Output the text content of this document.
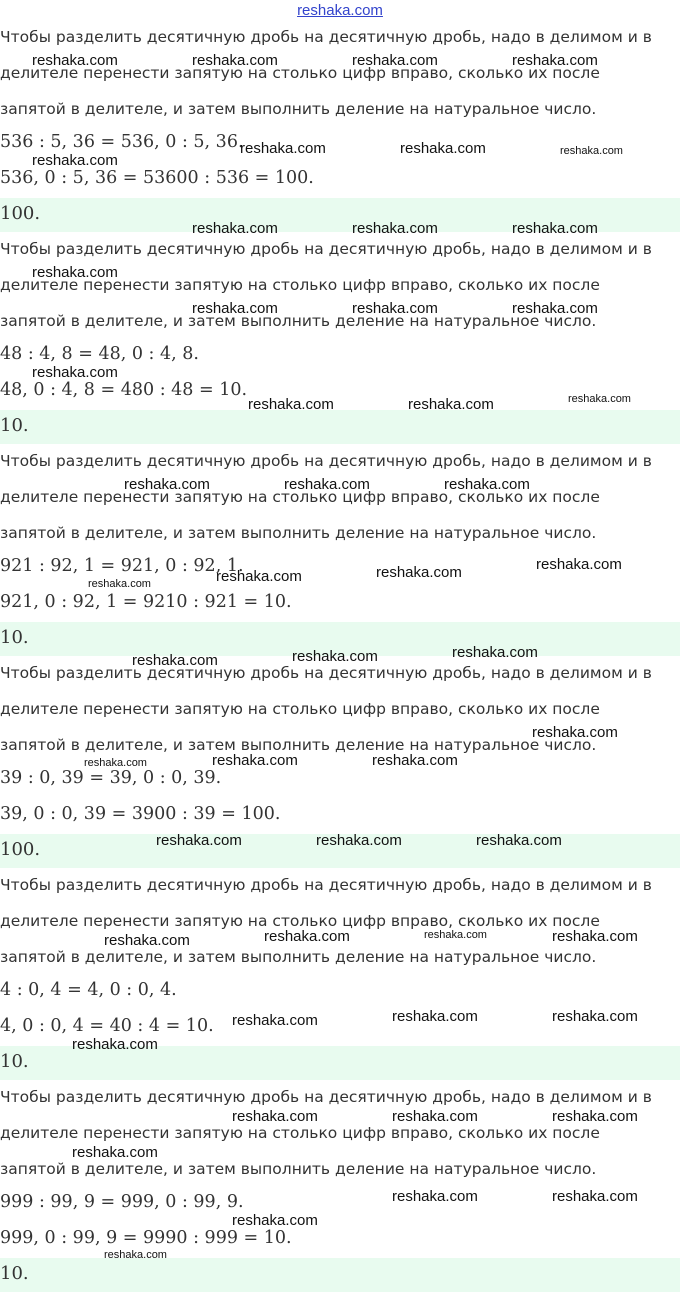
reshaka.com
Чтобы разделить десятичную дробь на десятичную дробь, надо в делимом и в
делителе перенести запятую на столько цифр вправо, сколько их после
запятой в делителе, и затем выполнить деление на натуральное число.
536 : 5, 36 = 536, 0 : 5, 36.
536, 0 : 5, 36 = 53600 : 536 = 100.
100.
Чтобы разделить десятичную дробь на десятичную дробь, надо в делимом и в
делителе перенести запятую на столько цифр вправо, сколько их после
запятой в делителе, и затем выполнить деление на натуральное число.
48 : 4, 8 = 48, 0 : 4, 8.
48, 0 : 4, 8 = 480 : 48 = 10.
10.
Чтобы разделить десятичную дробь на десятичную дробь, надо в делимом и в
делителе перенести запятую на столько цифр вправо, сколько их после
запятой в делителе, и затем выполнить деление на натуральное число.
921 : 92, 1 = 921, 0 : 92, 1.
921, 0 : 92, 1 = 9210 : 921 = 10.
10.
Чтобы разделить десятичную дробь на десятичную дробь, надо в делимом и в
делителе перенести запятую на столько цифр вправо, сколько их после
запятой в делителе, и затем выполнить деление на натуральное число.
39 : 0, 39 = 39, 0 : 0, 39.
39, 0 : 0, 39 = 3900 : 39 = 100.
100.
Чтобы разделить десятичную дробь на десятичную дробь, надо в делимом и в
делителе перенести запятую на столько цифр вправо, сколько их после
запятой в делителе, и затем выполнить деление на натуральное число.
4 : 0, 4 = 4, 0 : 0, 4.
4, 0 : 0, 4 = 40 : 4 = 10.
10.
Чтобы разделить десятичную дробь на десятичную дробь, надо в делимом и в
делителе перенести запятую на столько цифр вправо, сколько их после
запятой в делителе, и затем выполнить деление на натуральное число.
999 : 99, 9 = 999, 0 : 99, 9.
999, 0 : 99, 9 = 9990 : 999 = 10.
10.
reshaka.com	reshaka.com	reshaka.com	reshaka.com
reshaka.com	reshaka.com	reshaka.com
reshaka.com
reshaka.com	reshaka.com	reshaka.com
reshaka.com
reshaka.com	reshaka.com	reshaka.com
reshaka.com
reshaka.com	reshaka.com	reshaka.com
reshaka.com	reshaka.com	reshaka.com
reshaka.com	reshaka.com	reshaka.com	reshaka.com
reshaka.com	reshaka.com	reshaka.com
reshaka.com
reshaka.com	reshaka.com	reshaka.com
reshaka.com	reshaka.com	reshaka.com
reshaka.com	reshaka.com	reshaka.com	reshaka.com
reshaka.com	reshaka.com	reshaka.com
reshaka.com
reshaka.com	reshaka.com	reshaka.com
reshaka.com
reshaka.com	reshaka.com
reshaka.com
reshaka.com
